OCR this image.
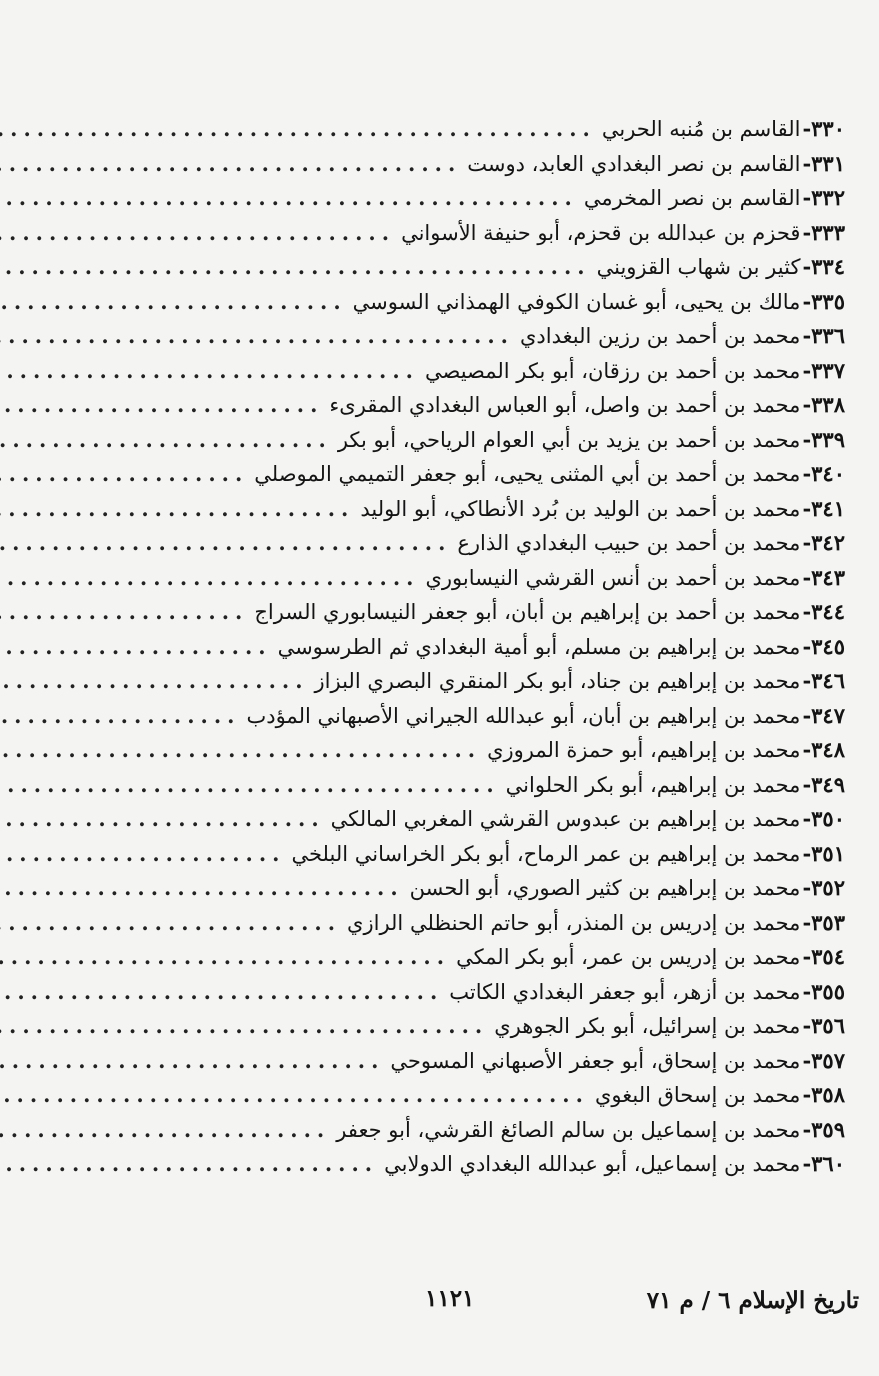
٣٣٠-
القاسم بن مُنبه الحربي
.....
٣٣١-
القاسم بن نصر البغدادي العابد، دوست
.....
٣٣٢-
القاسم بن نصر المخرمي
.....
٣٣٣-
قحزم بن عبدالله بن قحزم، أبو حنيفة الأسواني
.....
٣٣٤-
كثير بن شهاب القزويني
.....
٣٣٥-
مالك بن يحيى، أبو غسان الكوفي الهمذاني السوسي
.....
٣٣٦-
محمد بن أحمد بن رزين البغدادي
.....
٣٣٧-
محمد بن أحمد بن رزقان، أبو بكر المصيصي
.....
٣٣٨-
محمد بن أحمد بن واصل، أبو العباس البغدادي المقرىء
.....
٣٣٩-
محمد بن أحمد بن يزيد بن أبي العوام الرياحي، أبو بكر
.....
٣٤٠-
محمد بن أحمد بن أبي المثنى يحيى، أبو جعفر التميمي الموصلي
.....
٣٤١-
محمد بن أحمد بن الوليد بن بُرد الأنطاكي، أبو الوليد
.....
٣٤٢-
محمد بن أحمد بن حبيب البغدادي الذارع
.....
٣٤٣-
محمد بن أحمد بن أنس القرشي النيسابوري
.....
٣٤٤-
محمد بن أحمد بن إبراهيم بن أبان، أبو جعفر النيسابوري السراج
.....
٣٤٥-
محمد بن إبراهيم بن مسلم، أبو أمية البغدادي ثم الطرسوسي
.....
٣٤٦-
محمد بن إبراهيم بن جناد، أبو بكر المنقري البصري البزاز
.....
٣٤٧-
محمد بن إبراهيم بن أبان، أبو عبدالله الجيراني الأصبهاني المؤدب
.....
٣٤٨-
محمد بن إبراهيم، أبو حمزة المروزي
.....
٣٤٩-
محمد بن إبراهيم، أبو بكر الحلواني
.....
٣٥٠-
محمد بن إبراهيم بن عبدوس القرشي المغربي المالكي
.....
٣٥١-
محمد بن إبراهيم بن عمر الرماح، أبو بكر الخراساني البلخي
.....
٣٥٢-
محمد بن إبراهيم بن كثير الصوري، أبو الحسن
.....
٣٥٣-
محمد بن إدريس بن المنذر، أبو حاتم الحنظلي الرازي
.....
٣٥٤-
محمد بن إدريس بن عمر، أبو بكر المكي
.....
٣٥٥-
محمد بن أزهر، أبو جعفر البغدادي الكاتب
.....
٣٥٦-
محمد بن إسرائيل، أبو بكر الجوهري
.....
٣٥٧-
محمد بن إسحاق، أبو جعفر الأصبهاني المسوحي
.....
٣٥٨-
محمد بن إسحاق البغوي
.....
٣٥٩-
محمد بن إسماعيل بن سالم الصائغ القرشي، أبو جعفر
.....
٣٦٠-
محمد بن إسماعيل، أبو عبدالله البغدادي الدولابي
.....
تاريخ الإسلام ٦ / م ٧١
١١٢١
